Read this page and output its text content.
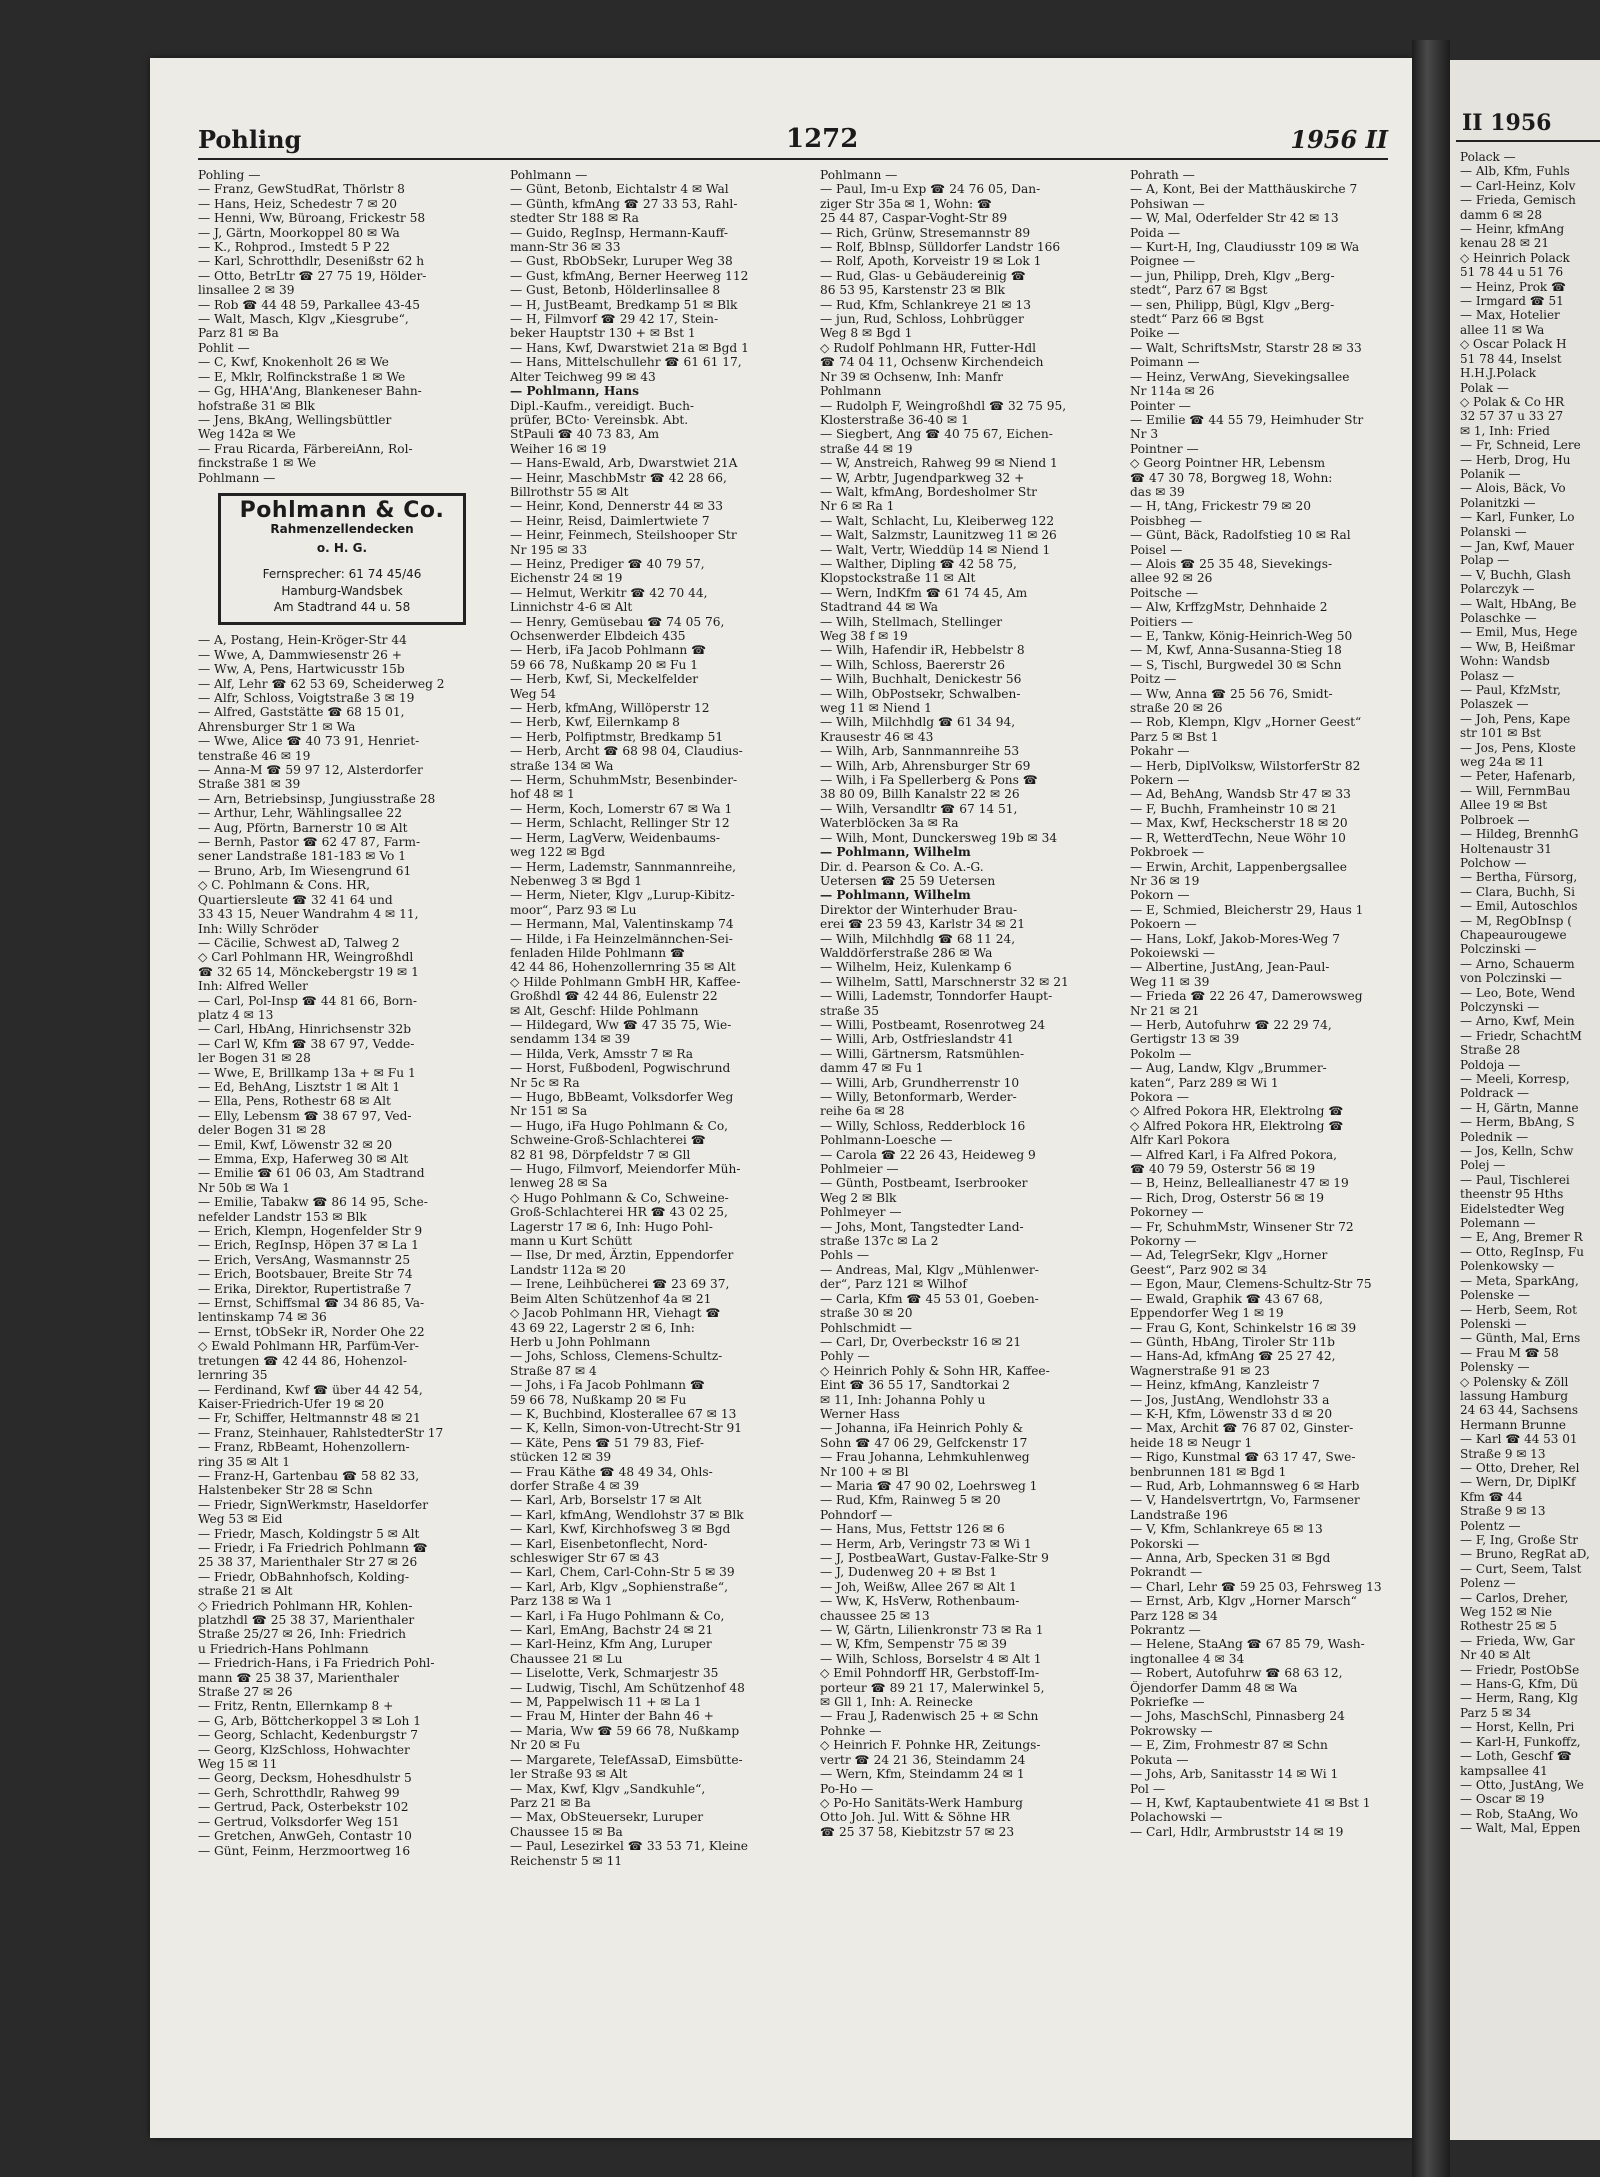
Pohling	1272	1956 II
Pohling —
— Franz, GewStudRat, Thörlstr 8
— Hans, Heiz, Schedestr 7 ✉ 20
— Henni, Ww, Büroang, Frickestr 58
— J, Gärtn, Moorkoppel 80 ✉ Wa
— K., Rohprod., Imstedt 5 P 22
— Karl, Schrotthdlr, Desenißstr 62 h
— Otto, BetrLtr ☎ 27 75 19, Hölder-
linsallee 2 ✉ 39
— Rob ☎ 44 48 59, Parkallee 43-45
— Walt, Masch, Klgv „Kiesgrube“,
Parz 81 ✉ Ba
Pohlit —
— C, Kwf, Knokenholt 26 ✉ We
— E, Mklr, Rolfinckstraße 1 ✉ We
— Gg, HHA'Ang, Blankeneser Bahn-
hofstraße 31 ✉ Blk
— Jens, BkAng, Wellingsbüttler
Weg 142a ✉ We
— Frau Ricarda, FärbereiAnn, Rol-
finckstraße 1 ✉ We
Pohlmann —
Pohlmann & Co.
Rahmenzellendecken
o. H. G.
Fernsprecher: 61 74 45/46
Hamburg-Wandsbek
Am Stadtrand 44 u. 58
— A, Postang, Hein-Kröger-Str 44
— Wwe, A, Dammwiesenstr 26 +
— Ww, A, Pens, Hartwicusstr 15b
— Alf, Lehr ☎ 62 53 69, Scheiderweg 2
— Alfr, Schloss, Voigtstraße 3 ✉ 19
— Alfred, Gaststätte ☎ 68 15 01,
Ahrensburger Str 1 ✉ Wa
— Wwe, Alice ☎ 40 73 91, Henriet-
tenstraße 46 ✉ 19
— Anna-M ☎ 59 97 12, Alsterdorfer
Straße 381 ✉ 39
— Arn, Betriebsinsp, Jungiusstraße 28
— Arthur, Lehr, Wählingsallee 22
— Aug, Pförtn, Barnerstr 10 ✉ Alt
— Bernh, Pastor ☎ 62 47 87, Farm-
sener Landstraße 181-183 ✉ Vo 1
— Bruno, Arb, Im Wiesengrund 61
◇ C. Pohlmann & Cons. HR,
Quartiersleute ☎ 32 41 64 und
33 43 15, Neuer Wandrahm 4 ✉ 11,
Inh: Willy Schröder
— Cäcilie, Schwest aD, Talweg 2
◇ Carl Pohlmann HR, Weingroßhdl
☎ 32 65 14, Mönckebergstr 19 ✉ 1
Inh: Alfred Weller
— Carl, Pol-Insp ☎ 44 81 66, Born-
platz 4 ✉ 13
— Carl, HbAng, Hinrichsenstr 32b
— Carl W, Kfm ☎ 38 67 97, Vedde-
ler Bogen 31 ✉ 28
— Wwe, E, Brillkamp 13a + ✉ Fu 1
— Ed, BehAng, Lisztstr 1 ✉ Alt 1
— Ella, Pens, Rothestr 68 ✉ Alt
— Elly, Lebensm ☎ 38 67 97, Ved-
deler Bogen 31 ✉ 28
— Emil, Kwf, Löwenstr 32 ✉ 20
— Emma, Exp, Haferweg 30 ✉ Alt
— Emilie ☎ 61 06 03, Am Stadtrand
Nr 50b ✉ Wa 1
— Emilie, Tabakw ☎ 86 14 95, Sche-
nefelder Landstr 153 ✉ Blk
— Erich, Klempn, Hogenfelder Str 9
— Erich, RegInsp, Höpen 37 ✉ La 1
— Erich, VersAng, Wasmannstr 25
— Erich, Bootsbauer, Breite Str 74
— Erika, Direktor, Rupertistraße 7
— Ernst, Schiffsmal ☎ 34 86 85, Va-
lentinskamp 74 ✉ 36
— Ernst, tObSekr iR, Norder Ohe 22
◇ Ewald Pohlmann HR, Parfüm-Ver-
tretungen ☎ 42 44 86, Hohenzol-
lernring 35
— Ferdinand, Kwf ☎ über 44 42 54,
Kaiser-Friedrich-Ufer 19 ✉ 20
— Fr, Schiffer, Heltmannstr 48 ✉ 21
— Franz, Steinhauer, RahlstedterStr 17
— Franz, RbBeamt, Hohenzollern-
ring 35 ✉ Alt 1
— Franz-H, Gartenbau ☎ 58 82 33,
Halstenbeker Str 28 ✉ Schn
— Friedr, SignWerkmstr, Haseldorfer
Weg 53 ✉ Eid
— Friedr, Masch, Koldingstr 5 ✉ Alt
— Friedr, i Fa Friedrich Pohlmann ☎
25 38 37, Marienthaler Str 27 ✉ 26
— Friedr, ObBahnhofsch, Kolding-
straße 21 ✉ Alt
◇ Friedrich Pohlmann HR, Kohlen-
platzhdl ☎ 25 38 37, Marienthaler
Straße 25/27 ✉ 26, Inh: Friedrich
u Friedrich-Hans Pohlmann
— Friedrich-Hans, i Fa Friedrich Pohl-
mann ☎ 25 38 37, Marienthaler
Straße 27 ✉ 26
— Fritz, Rentn, Ellernkamp 8 +
— G, Arb, Böttcherkoppel 3 ✉ Loh 1
— Georg, Schlacht, Kedenburgstr 7
— Georg, KlzSchloss, Hohwachter
Weg 15 ✉ 11
— Georg, Decksm, Hohesdhulstr 5
— Gerh, Schrotthdlr, Rahweg 99
— Gertrud, Pack, Osterbekstr 102
— Gertrud, Volksdorfer Weg 151
— Gretchen, AnwGeh, Contastr 10
— Günt, Feinm, Herzmoortweg 16
Pohlmann —
— Günt, Betonb, Eichtalstr 4 ✉ Wal
— Günth, kfmAng ☎ 27 33 53, Rahl-
stedter Str 188 ✉ Ra
— Guido, RegInsp, Hermann-Kauff-
mann-Str 36 ✉ 33
— Gust, RbObSekr, Luruper Weg 38
— Gust, kfmAng, Berner Heerweg 112
— Gust, Betonb, Hölderlinsallee 8
— H, JustBeamt, Bredkamp 51 ✉ Blk
— H, Filmvorf ☎ 29 42 17, Stein-
beker Hauptstr 130 + ✉ Bst 1
— Hans, Kwf, Dwarstwiet 21a ✉ Bgd 1
— Hans, Mittelschullehr ☎ 61 61 17,
Alter Teichweg 99 ✉ 43
— Pohlmann, Hans
Dipl.-Kaufm., vereidigt. Buch-
prüfer, BCto· Vereinsbk. Abt.
StPauli ☎ 40 73 83, Am
Weiher 16 ✉ 19
— Hans-Ewald, Arb, Dwarstwiet 21A
— Heinr, MaschbMstr ☎ 42 28 66,
Billrothstr 55 ✉ Alt
— Heinr, Kond, Dennerstr 44 ✉ 33
— Heinr, Reisd, Daimlertwiete 7
— Heinr, Feinmech, Steilshooper Str
Nr 195 ✉ 33
— Heinz, Prediger ☎ 40 79 57,
Eichenstr 24 ✉ 19
— Helmut, Werkitr ☎ 42 70 44,
Linnichstr 4-6 ✉ Alt
— Henry, Gemüsebau ☎ 74 05 76,
Ochsenwerder Elbdeich 435
— Herb, iFa Jacob Pohlmann ☎
59 66 78, Nußkamp 20 ✉ Fu 1
— Herb, Kwf, Si, Meckelfelder
Weg 54
— Herb, kfmAng, Willöperstr 12
— Herb, Kwf, Eilernkamp 8
— Herb, Polfiptmstr, Bredkamp 51
— Herb, Archt ☎ 68 98 04, Claudius-
straße 134 ✉ Wa
— Herm, SchuhmMstr, Besenbinder-
hof 48 ✉ 1
— Herm, Koch, Lomerstr 67 ✉ Wa 1
— Herm, Schlacht, Rellinger Str 12
— Herm, LagVerw, Weidenbaums-
weg 122 ✉ Bgd
— Herm, Lademstr, Sannmannreihe,
Nebenweg 3 ✉ Bgd 1
— Herm, Nieter, Klgv „Lurup-Kibitz-
moor“, Parz 93 ✉ Lu
— Hermann, Mal, Valentinskamp 74
— Hilde, i Fa Heinzelmännchen-Sei-
fenladen Hilde Pohlmann ☎
42 44 86, Hohenzollernring 35 ✉ Alt
◇ Hilde Pohlmann GmbH HR, Kaffee-
Großhdl ☎ 42 44 86, Eulenstr 22
✉ Alt, Geschf: Hilde Pohlmann
— Hildegard, Ww ☎ 47 35 75, Wie-
sendamm 134 ✉ 39
— Hilda, Verk, Amsstr 7 ✉ Ra
— Horst, Fußbodenl, Pogwischrund
Nr 5c ✉ Ra
— Hugo, BbBeamt, Volksdorfer Weg
Nr 151 ✉ Sa
— Hugo, iFa Hugo Pohlmann & Co,
Schweine-Groß-Schlachterei ☎
82 81 98, Dörpfeldstr 7 ✉ Gll
— Hugo, Filmvorf, Meiendorfer Müh-
lenweg 28 ✉ Sa
◇ Hugo Pohlmann & Co, Schweine-
Groß-Schlachterei HR ☎ 43 02 25,
Lagerstr 17 ✉ 6, Inh: Hugo Pohl-
mann u Kurt Schütt
— Ilse, Dr med, Ärztin, Eppendorfer
Landstr 112a ✉ 20
— Irene, Leihbücherei ☎ 23 69 37,
Beim Alten Schützenhof 4a ✉ 21
◇ Jacob Pohlmann HR, Viehagt ☎
43 69 22, Lagerstr 2 ✉ 6, Inh:
Herb u John Pohlmann
— Johs, Schloss, Clemens-Schultz-
Straße 87 ✉ 4
— Johs, i Fa Jacob Pohlmann ☎
59 66 78, Nußkamp 20 ✉ Fu
— K, Buchbind, Klosterallee 67 ✉ 13
— K, Kelln, Simon-von-Utrecht-Str 91
— Käte, Pens ☎ 51 79 83, Fief-
stücken 12 ✉ 39
— Frau Käthe ☎ 48 49 34, Ohls-
dorfer Straße 4 ✉ 39
— Karl, Arb, Borselstr 17 ✉ Alt
— Karl, kfmAng, Wendlohstr 37 ✉ Blk
— Karl, Kwf, Kirchhofsweg 3 ✉ Bgd
— Karl, Eisenbetonflecht, Nord-
schleswiger Str 67 ✉ 43
— Karl, Chem, Carl-Cohn-Str 5 ✉ 39
— Karl, Arb, Klgv „Sophienstraße“,
Parz 138 ✉ Wa 1
— Karl, i Fa Hugo Pohlmann & Co,
— Karl, EmAng, Bachstr 24 ✉ 21
— Karl-Heinz, Kfm Ang, Luruper
Chaussee 21 ✉ Lu
— Liselotte, Verk, Schmarjestr 35
— Ludwig, Tischl, Am Schützenhof 48
— M, Pappelwisch 11 + ✉ La 1
— Frau M, Hinter der Bahn 46 +
— Maria, Ww ☎ 59 66 78, Nußkamp
Nr 20 ✉ Fu
— Margarete, TelefAssaD, Eimsbütte-
ler Straße 93 ✉ Alt
— Max, Kwf, Klgv „Sandkuhle“,
Parz 21 ✉ Ba
— Max, ObSteuersekr, Luruper
Chaussee 15 ✉ Ba
— Paul, Lesezirkel ☎ 33 53 71, Kleine
Reichenstr 5 ✉ 11
Pohlmann —
— Paul, Im-u Exp ☎ 24 76 05, Dan-
ziger Str 35a ✉ 1, Wohn: ☎
25 44 87, Caspar-Voght-Str 89
— Rich, Grünw, Stresemannstr 89
— Rolf, Bblnsp, Sülldorfer Landstr 166
— Rolf, Apoth, Korveistr 19 ✉ Lok 1
— Rud, Glas- u Gebäudereinig ☎
86 53 95, Karstenstr 23 ✉ Blk
— Rud, Kfm, Schlankreye 21 ✉ 13
— jun, Rud, Schloss, Lohbrügger
Weg 8 ✉ Bgd 1
◇ Rudolf Pohlmann HR, Futter-Hdl
☎ 74 04 11, Ochsenw Kirchendeich
Nr 39 ✉ Ochsenw, Inh: Manfr
Pohlmann
— Rudolph F, Weingroßhdl ☎ 32 75 95,
Klosterstraße 36-40 ✉ 1
— Siegbert, Ang ☎ 40 75 67, Eichen-
straße 44 ✉ 19
— W, Anstreich, Rahweg 99 ✉ Niend 1
— W, Arbtr, Jugendparkweg 32 +
— Walt, kfmAng, Bordesholmer Str
Nr 6 ✉ Ra 1
— Walt, Schlacht, Lu, Kleiberweg 122
— Walt, Salzmstr, Launitzweg 11 ✉ 26
— Walt, Vertr, Wieddüp 14 ✉ Niend 1
— Walther, Dipling ☎ 42 58 75,
Klopstockstraße 11 ✉ Alt
— Wern, IndKfm ☎ 61 74 45, Am
Stadtrand 44 ✉ Wa
— Wilh, Stellmach, Stellinger
Weg 38 f ✉ 19
— Wilh, Hafendir iR, Hebbelstr 8
— Wilh, Schloss, Baererstr 26
— Wilh, Buchhalt, Denickestr 56
— Wilh, ObPostsekr, Schwalben-
weg 11 ✉ Niend 1
— Wilh, Milchhdlg ☎ 61 34 94,
Krausestr 46 ✉ 43
— Wilh, Arb, Sannmannreihe 53
— Wilh, Arb, Ahrensburger Str 69
— Wilh, i Fa Spellerberg & Pons ☎
38 80 09, Billh Kanalstr 22 ✉ 26
— Wilh, Versandltr ☎ 67 14 51,
Waterblöcken 3a ✉ Ra
— Wilh, Mont, Dunckersweg 19b ✉ 34
— Pohlmann, Wilhelm
Dir. d. Pearson & Co. A.-G.
Uetersen ☎ 25 59 Uetersen
— Pohlmann, Wilhelm
Direktor der Winterhuder Brau-
erei ☎ 23 59 43, Karlstr 34 ✉ 21
— Wilh, Milchhdlg ☎ 68 11 24,
Walddörferstraße 286 ✉ Wa
— Wilhelm, Heiz, Kulenkamp 6
— Wilhelm, Sattl, Marschnerstr 32 ✉ 21
— Willi, Lademstr, Tonndorfer Haupt-
straße 35
— Willi, Postbeamt, Rosenrotweg 24
— Willi, Arb, Ostfrieslandstr 41
— Willi, Gärtnersm, Ratsmühlen-
damm 47 ✉ Fu 1
— Willi, Arb, Grundherrenstr 10
— Willy, Betonformarb, Werder-
reihe 6a ✉ 28
— Willy, Schloss, Redderblock 16
Pohlmann-Loesche —
— Carola ☎ 22 26 43, Heideweg 9
Pohlmeier —
— Günth, Postbeamt, Iserbrooker
Weg 2 ✉ Blk
Pohlmeyer —
— Johs, Mont, Tangstedter Land-
straße 137c ✉ La 2
Pohls —
— Andreas, Mal, Klgv „Mühlenwer-
der“, Parz 121 ✉ Wilhof
— Carla, Kfm ☎ 45 53 01, Goeben-
straße 30 ✉ 20
Pohlschmidt —
— Carl, Dr, Overbeckstr 16 ✉ 21
Pohly —
◇ Heinrich Pohly & Sohn HR, Kaffee-
Eint ☎ 36 55 17, Sandtorkai 2
✉ 11, Inh: Johanna Pohly u
Werner Hass
— Johanna, iFa Heinrich Pohly &
Sohn ☎ 47 06 29, Gelfckenstr 17
— Frau Johanna, Lehmkuhlenweg
Nr 100 + ✉ Bl
— Maria ☎ 47 90 02, Loehrsweg 1
— Rud, Kfm, Rainweg 5 ✉ 20
Pohndorf —
— Hans, Mus, Fettstr 126 ✉ 6
— Herm, Arb, Veringstr 73 ✉ Wi 1
— J, PostbeaWart, Gustav-Falke-Str 9
— J, Dudenweg 20 + ✉ Bst 1
— Joh, Weißw, Allee 267 ✉ Alt 1
— Ww, K, HsVerw, Rothenbaum-
chaussee 25 ✉ 13
— W, Gärtn, Lilienkronstr 73 ✉ Ra 1
— W, Kfm, Sempenstr 75 ✉ 39
— Wilh, Schloss, Borselstr 4 ✉ Alt 1
◇ Emil Pohndorff HR, Gerbstoff-Im-
porteur ☎ 89 21 17, Malerwinkel 5,
✉ Gll 1, Inh: A. Reinecke
— Frau J, Radenwisch 25 + ✉ Schn
Pohnke —
◇ Heinrich F. Pohnke HR, Zeitungs-
vertr ☎ 24 21 36, Steindamm 24
— Wern, Kfm, Steindamm 24 ✉ 1
Po-Ho —
◇ Po-Ho Sanitäts-Werk Hamburg
Otto Joh. Jul. Witt & Söhne HR
☎ 25 37 58, Kiebitzstr 57 ✉ 23
Pohrath —
— A, Kont, Bei der Matthäuskirche 7
Pohsiwan —
— W, Mal, Oderfelder Str 42 ✉ 13
Poida —
— Kurt-H, Ing, Claudiusstr 109 ✉ Wa
Poignee —
— jun, Philipp, Dreh, Klgv „Berg-
stedt“, Parz 67 ✉ Bgst
— sen, Philipp, Bügl, Klgv „Berg-
stedt“ Parz 66 ✉ Bgst
Poike —
— Walt, SchriftsMstr, Starstr 28 ✉ 33
Poimann —
— Heinz, VerwAng, Sievekingsallee
Nr 114a ✉ 26
Pointer —
— Emilie ☎ 44 55 79, Heimhuder Str
Nr 3
Pointner —
◇ Georg Pointner HR, Lebensm
☎ 47 30 78, Borgweg 18, Wohn:
das ✉ 39
— H, tAng, Frickestr 79 ✉ 20
Poisbheg —
— Günt, Bäck, Radolfstieg 10 ✉ Ral
Poisel —
— Alois ☎ 25 35 48, Sievekings-
allee 92 ✉ 26
Poitsche —
— Alw, KrffzgMstr, Dehnhaide 2
Poitiers —
— E, Tankw, König-Heinrich-Weg 50
— M, Kwf, Anna-Susanna-Stieg 18
— S, Tischl, Burgwedel 30 ✉ Schn
Poitz —
— Ww, Anna ☎ 25 56 76, Smidt-
straße 20 ✉ 26
— Rob, Klempn, Klgv „Horner Geest“
Parz 5 ✉ Bst 1
Pokahr —
— Herb, DiplVolksw, WilstorferStr 82
Pokern —
— Ad, BehAng, Wandsb Str 47 ✉ 33
— F, Buchh, Framheinstr 10 ✉ 21
— Max, Kwf, Heckscherstr 18 ✉ 20
— R, WetterdTechn, Neue Wöhr 10
Pokbroek —
— Erwin, Archit, Lappenbergsallee
Nr 36 ✉ 19
Pokorn —
— E, Schmied, Bleicherstr 29, Haus 1
Pokoern —
— Hans, Lokf, Jakob-Mores-Weg 7
Pokoiewski —
— Albertine, JustAng, Jean-Paul-
Weg 11 ✉ 39
— Frieda ☎ 22 26 47, Damerowsweg
Nr 21 ✉ 21
— Herb, Autofuhrw ☎ 22 29 74,
Gertigstr 13 ✉ 39
Pokolm —
— Aug, Landw, Klgv „Brummer-
katen“, Parz 289 ✉ Wi 1
Pokora —
◇ Alfred Pokora HR, Elektrolng ☎
◇ Alfred Pokora HR, Elektrolng ☎
Alfr Karl Pokora
— Alfred Karl, i Fa Alfred Pokora,
☎ 40 79 59, Osterstr 56 ✉ 19
— B, Heinz, Belleallianestr 47 ✉ 19
— Rich, Drog, Osterstr 56 ✉ 19
Pokorney —
— Fr, SchuhmMstr, Winsener Str 72
Pokorny —
— Ad, TelegrSekr, Klgv „Horner
Geest“, Parz 902 ✉ 34
— Egon, Maur, Clemens-Schultz-Str 75
— Ewald, Graphik ☎ 43 67 68,
Eppendorfer Weg 1 ✉ 19
— Frau G, Kont, Schinkelstr 16 ✉ 39
— Günth, HbAng, Tiroler Str 11b
— Hans-Ad, kfmAng ☎ 25 27 42,
Wagnerstraße 91 ✉ 23
— Heinz, kfmAng, Kanzleistr 7
— Jos, JustAng, Wendlohstr 33 a
— K-H, Kfm, Löwenstr 33 d ✉ 20
— Max, Archit ☎ 76 87 02, Ginster-
heide 18 ✉ Neugr 1
— Rigo, Kunstmal ☎ 63 17 47, Swe-
benbrunnen 181 ✉ Bgd 1
— Rud, Arb, Lohmannsweg 6 ✉ Harb
— V, Handelsvertrtgn, Vo, Farmsener
Landstraße 196
— V, Kfm, Schlankreye 65 ✉ 13
Pokorski —
— Anna, Arb, Specken 31 ✉ Bgd
Pokrandt —
— Charl, Lehr ☎ 59 25 03, Fehrsweg 13
— Ernst, Arb, Klgv „Horner Marsch“
Parz 128 ✉ 34
Pokrantz —
— Helene, StaAng ☎ 67 85 79, Wash-
ingtonallee 4 ✉ 34
— Robert, Autofuhrw ☎ 68 63 12,
Öjendorfer Damm 48 ✉ Wa
Pokriefke —
— Johs, MaschSchl, Pinnasberg 24
Pokrowsky —
— E, Zim, Frohmestr 87 ✉ Schn
Pokuta —
— Johs, Arb, Sanitasstr 14 ✉ Wi 1
Pol —
— H, Kwf, Kaptaubentwiete 41 ✉ Bst 1
Polachowski —
— Carl, Hdlr, Armbruststr 14 ✉ 19
II 1956
Polack —
— Alb, Kfm, Fuhls
— Carl-Heinz, Kolv
— Frieda, Gemisch
damm 6 ✉ 28
— Heinr, kfmAng
kenau 28 ✉ 21
◇ Heinrich Polack
51 78 44 u 51 76
— Heinz, Prok ☎
— Irmgard ☎ 51
— Max, Hotelier
allee 11 ✉ Wa
◇ Oscar Polack H
51 78 44, Inselst
H.H.J.Polack
Polak —
◇ Polak & Co HR
32 57 37 u 33 27
✉ 1, Inh: Fried
— Fr, Schneid, Lere
— Herb, Drog, Hu
Polanik —
— Alois, Bäck, Vo
Polanitzki —
— Karl, Funker, Lo
Polanski —
— Jan, Kwf, Mauer
Polap —
— V, Buchh, Glash
Polarczyk —
— Walt, HbAng, Be
Polaschke —
— Emil, Mus, Hege
— Ww, B, Heißmar
Wohn: Wandsb
Polasz —
— Paul, KfzMstr,
Polaszek —
— Joh, Pens, Kape
str 101 ✉ Bst
— Jos, Pens, Kloste
weg 24a ✉ 11
— Peter, Hafenarb,
— Will, FernmBau
Allee 19 ✉ Bst
Polbroek —
— Hildeg, BrennhG
Holtenaustr 31
Polchow —
— Bertha, Fürsorg,
— Clara, Buchh, Si
— Emil, Autoschlos
— M, RegObInsp (
Chapeaurougewe
Polczinski —
— Arno, Schauerm
von Polczinski —
— Leo, Bote, Wend
Polczynski —
— Arno, Kwf, Mein
— Friedr, SchachtM
Straße 28
Poldoja —
— Meeli, Korresp,
Poldrack —
— H, Gärtn, Manne
— Herm, BbAng, S
Polednik —
— Jos, Kelln, Schw
Polej —
— Paul, Tischlerei
theenstr 95 Hths
Eidelstedter Weg
Polemann —
— E, Ang, Bremer R
— Otto, RegInsp, Fu
Polenkowsky —
— Meta, SparkAng,
Polenske —
— Herb, Seem, Rot
Polenski —
— Günth, Mal, Erns
— Frau M ☎ 58
Polensky —
◇ Polensky & Zöll
lassung Hamburg
24 63 44, Sachsens
Hermann Brunne
— Karl ☎ 44 53 01
Straße 9 ✉ 13
— Otto, Dreher, Rel
— Wern, Dr, DiplKf
Kfm ☎ 44
Straße 9 ✉ 13
Polentz —
— F, Ing, Große Str
— Bruno, RegRat aD,
— Curt, Seem, Talst
Polenz —
— Carlos, Dreher,
Weg 152 ✉ Nie
Rothestr 25 ✉ 5
— Frieda, Ww, Gar
Nr 40 ✉ Alt
— Friedr, PostObSe
— Hans-G, Kfm, Dü
— Herm, Rang, Klg
Parz 5 ✉ 34
— Horst, Kelln, Pri
— Karl-H, Funkoffz,
— Loth, Geschf ☎
kampsallee 41
— Otto, JustAng, We
— Oscar ✉ 19
— Rob, StaAng, Wo
— Walt, Mal, Eppen
